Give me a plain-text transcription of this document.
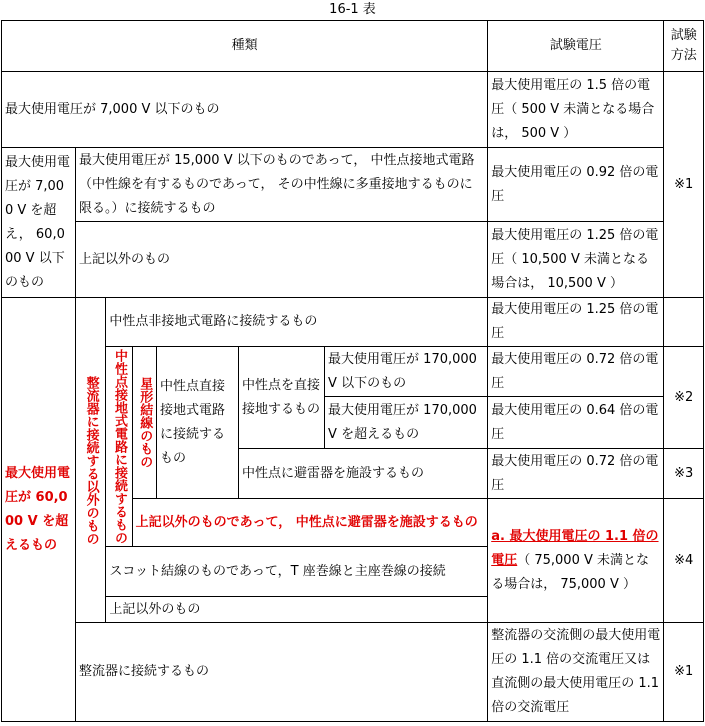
16-1 表
種類							試験電圧	試験方法
最大使用電圧が 7,000 V 以下のもの							最大使用電圧の 1.5 倍の電圧（ 500 V 未満となる場合は， 500 V ）	※1
最大使用電圧が 7,000 V を超え， 60,000 V 以下のもの	最大使用電圧が 15,000 V 以下のものであって， 中性点接地式電路（中性線を有するものであって， その中性線に多重接地するものに限る。）に接続するもの						最大使用電圧の 0.92 倍の電圧	
	上記以外のもの						最大使用電圧の 1.25 倍の電圧（ 10,500 V 未満となる場合は， 10,500 V ）	
最大使用電圧が 60,000 V を超えるもの	整流器に接続する以外のもの	中性点非接地式電路に接続するもの					最大使用電圧の 1.25 倍の電圧	
		中性点接地式電路に接続するもの	星形結線のもの	中性点直接接地式電路に接続するもの	中性点を直接接地するもの	最大使用電圧が 170,000 V 以下のもの	最大使用電圧の 0.72 倍の電圧	※2
						最大使用電圧が 170,000 V を超えるもの	最大使用電圧の 0.64 倍の電圧	
					中性点に避雷器を施設するもの		最大使用電圧の 0.72 倍の電圧	※3
			上記以外のものであって， 中性点に避雷器を施設するもの				a. 最大使用電圧の 1.1 倍の電圧（ 75,000 V 未満となる場合は， 75,000 V ）	※4
		スコット結線のものであって，T 座巻線と主座巻線の接続						
		上記以外のもの						
	整流器に接続するもの						整流器の交流側の最大使用電圧の 1.1 倍の交流電圧又は直流側の最大使用電圧の 1.1 倍の交流電圧	※1
